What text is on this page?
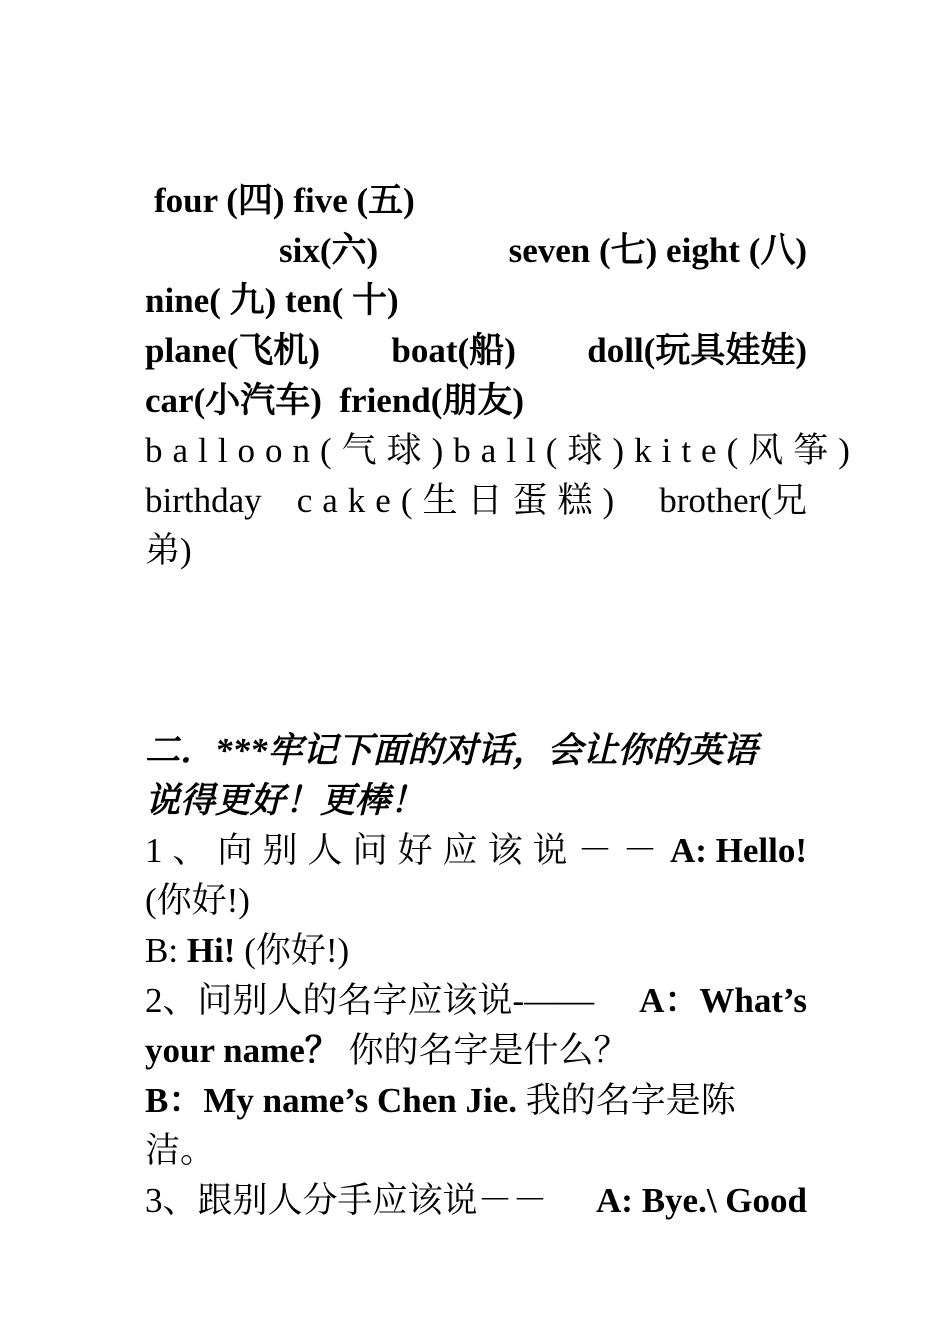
four (四) five (五)
six(六)	seven (七) eight (八)
nine( 九) ten( 十)
plane(飞机) boat(船) doll(玩具娃娃)
car(小汽车)  friend(朋友)
balloon(气球) ball(球) kite(风筝)
birthday cake(生日蛋糕) brother(兄
弟)
二．***牢记下面的对话，会让你的英语
说得更好！更棒！
1、向别人问好应该说－－ A: Hello!
(你好!)
B: Hi! (你好!)
2、问别人的名字应该说-—— A：What’s
your name？ 你的名字是什么？
B：My name’s Chen Jie. 我的名字是陈
洁。
3、跟别人分手应该说－－ A: Bye.\ Good
